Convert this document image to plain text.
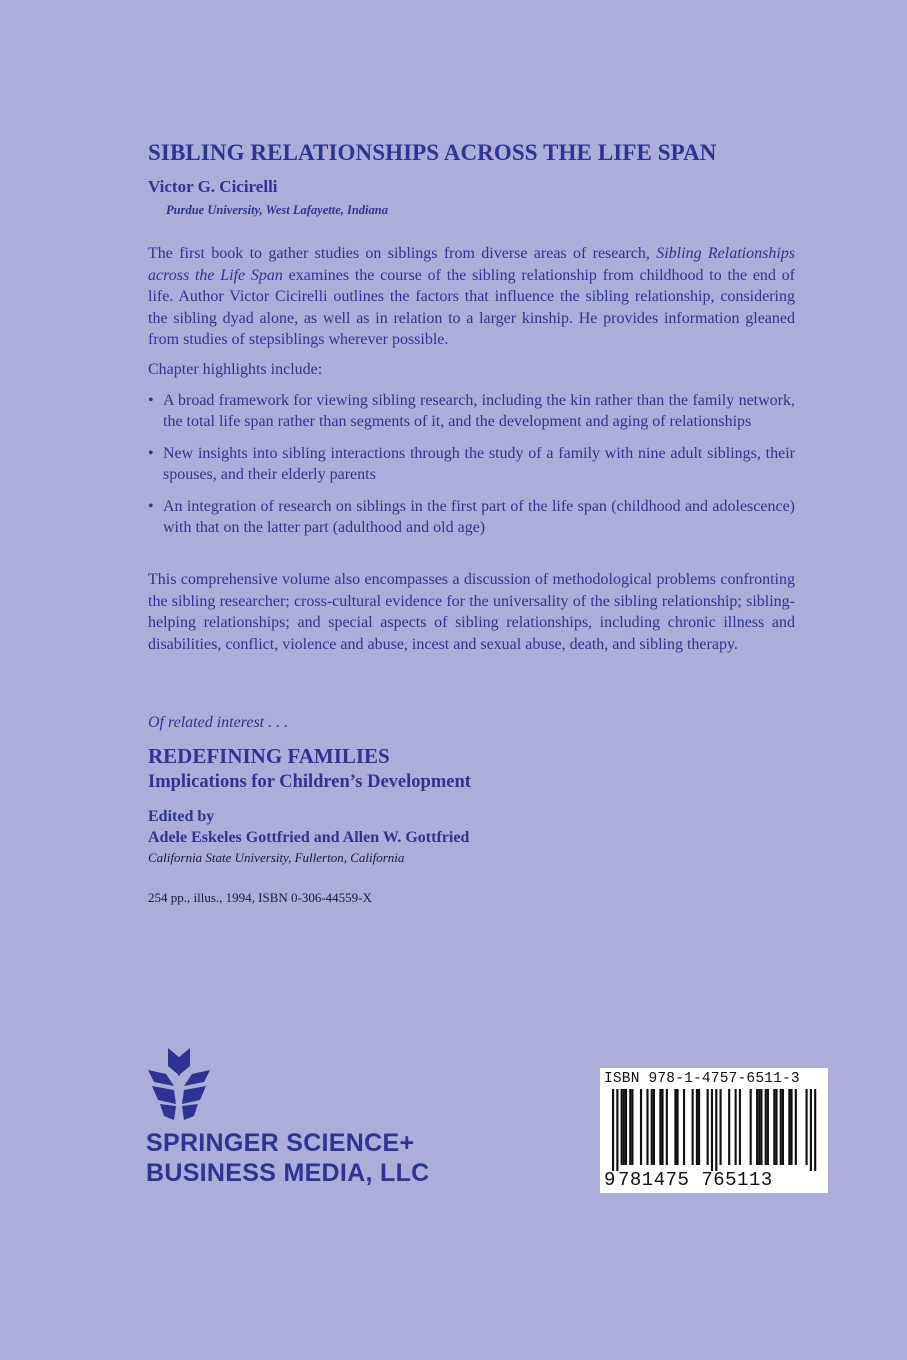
SIBLING RELATIONSHIPS ACROSS THE LIFE SPAN
Victor G. Cicirelli
Purdue University, West Lafayette, Indiana
The first book to gather studies on siblings from diverse areas of research, Sibling Relationships across the Life Span examines the course of the sibling relationship from childhood to the end of life. Author Victor Cicirelli outlines the factors that influence the sibling relationship, considering the sibling dyad alone, as well as in relation to a larger kinship. He provides information gleaned from studies of stepsiblings wherever possible.
Chapter highlights include:
• A broad framework for viewing sibling research, including the kin rather than the family network, the total life span rather than segments of it, and the development and aging of relationships
• New insights into sibling interactions through the study of a family with nine adult siblings, their spouses, and their elderly parents
• An integration of research on siblings in the first part of the life span (childhood and adolescence) with that on the latter part (adulthood and old age)
This comprehensive volume also encompasses a discussion of methodological problems confronting the sibling researcher; cross-cultural evidence for the universality of the sibling relationship; sibling-helping relationships; and special aspects of sibling relationships, including chronic illness and disabilities, conflict, violence and abuse, incest and sexual abuse, death, and sibling therapy.
Of related interest . . .
REDEFINING FAMILIES
Implications for Children’s Development
Edited by
Adele Eskeles Gottfried and Allen W. Gottfried
California State University, Fullerton, California
254 pp., illus., 1994, ISBN 0-306-44559-X
SPRINGER SCIENCE+
BUSINESS MEDIA, LLC
ISBN 978-1-4757-6511-3
9 781475 765113
